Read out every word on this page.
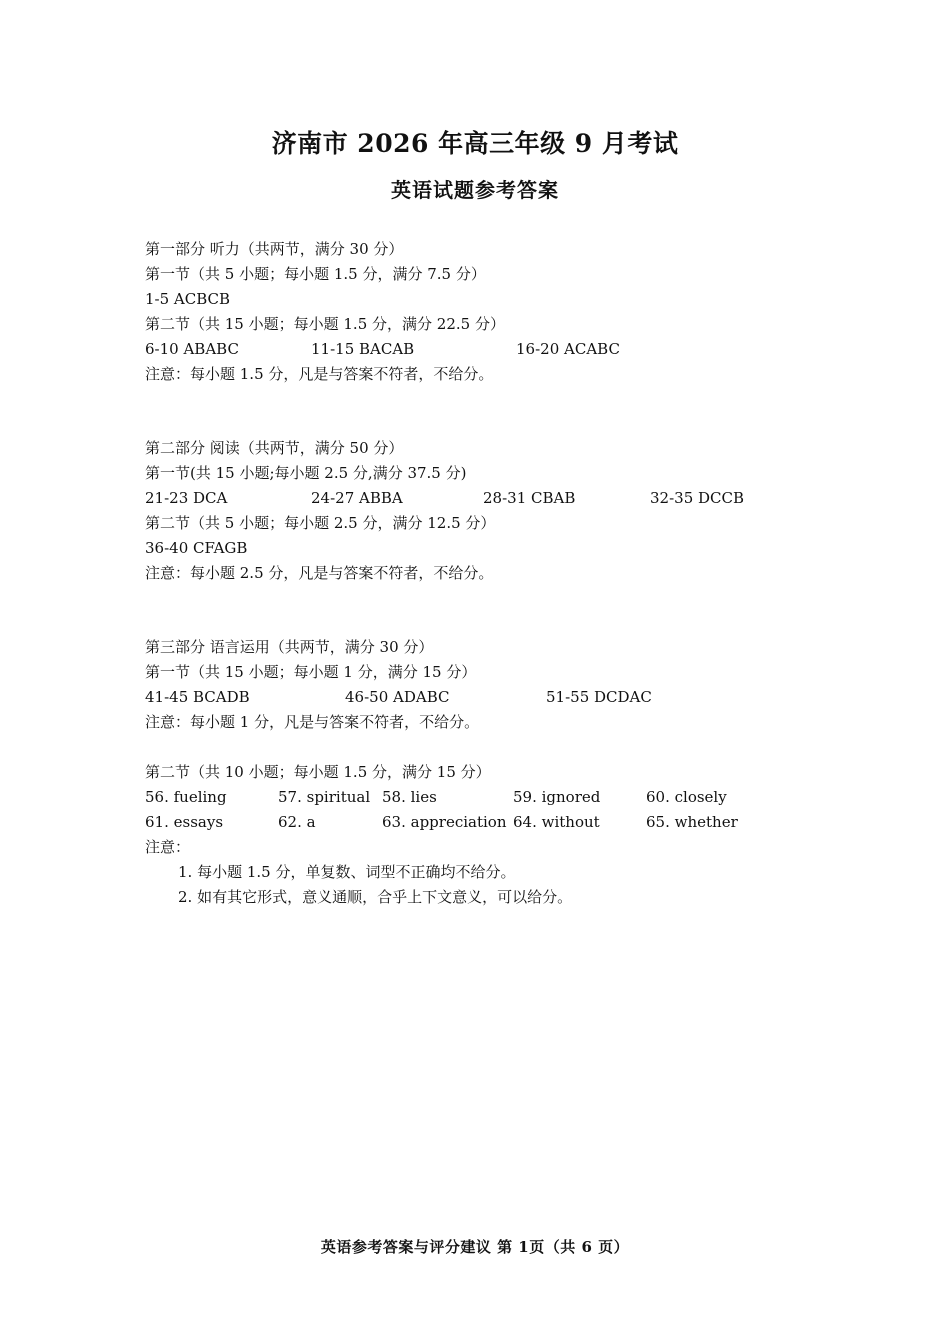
济南市 2026 年高三年级 9 月考试
英语试题参考答案
第一部分 听力（共两节，满分 30 分）
第一节（共 5 小题；每小题 1.5 分，满分 7.5 分）
1-5 ACBCB
第二节（共 15 小题；每小题 1.5 分，满分 22.5 分）
6-10 ABABC	11-15 BACAB	16-20 ACABC
注意：每小题 1.5 分，凡是与答案不符者，不给分。
第二部分 阅读（共两节，满分 50 分）
第一节(共 15 小题;每小题 2.5 分,满分 37.5 分)
21-23 DCA	24-27 ABBA	28-31 CBAB	32-35 DCCB
第二节（共 5 小题；每小题 2.5 分，满分 12.5 分）
36-40 CFAGB
注意：每小题 2.5 分，凡是与答案不符者，不给分。
第三部分 语言运用（共两节，满分 30 分）
第一节（共 15 小题；每小题 1 分，满分 15 分）
41-45 BCADB	46-50 ADABC	51-55 DCDAC
注意：每小题 1 分，凡是与答案不符者，不给分。
第二节（共 10 小题；每小题 1.5 分，满分 15 分）
56. fueling	57. spiritual 58. lies	59. ignored	60. closely
61. essays	62. a	63. appreciation 64. without	65. whether
注意：
1. 每小题 1.5 分，单复数、词型不正确均不给分。
2. 如有其它形式，意义通顺，合乎上下文意义，可以给分。
英语参考答案与评分建议 第 1页（共 6 页）
